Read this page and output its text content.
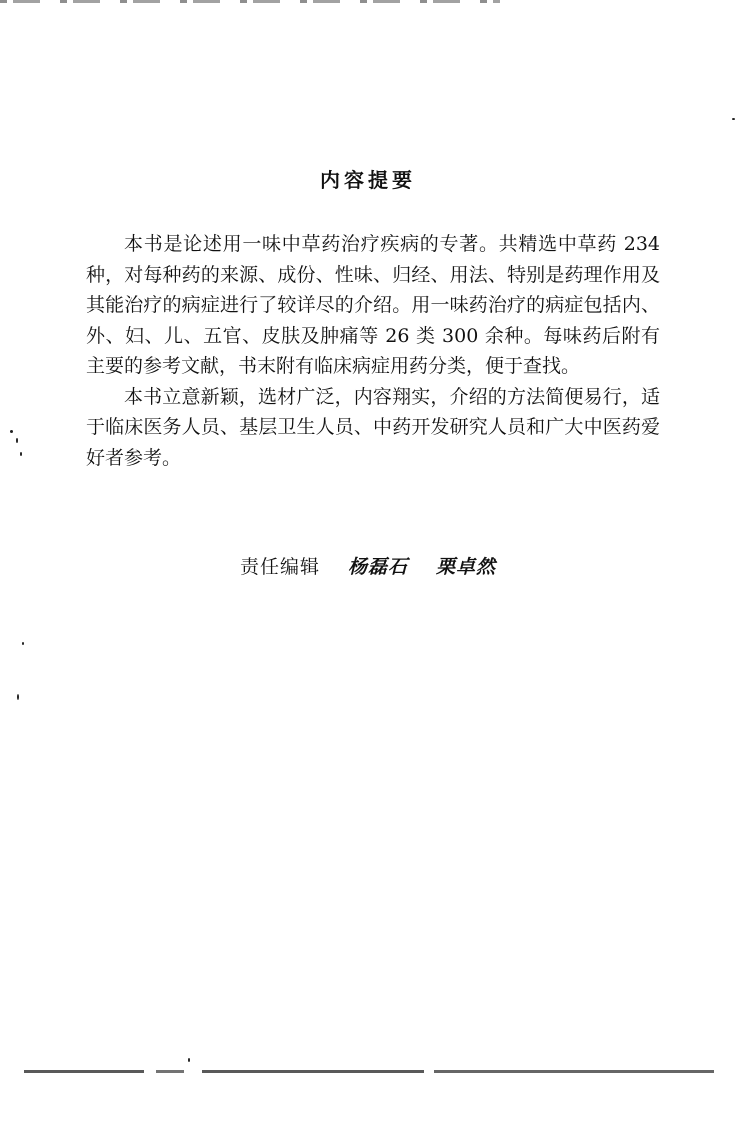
内容提要

本书是论述用一味中草药治疗疾病的专著。共精选中草药 234 种，对每种药的来源、成份、性味、归经、用法、特别是药理作用及其能治疗的病症进行了较详尽的介绍。用一味药治疗的病症包括内、外、妇、儿、五官、皮肤及肿痛等 26 类 300 余种。每味药后附有主要的参考文献，书末附有临床病症用药分类，便于查找。

本书立意新颖，选材广泛，内容翔实，介绍的方法简便易行，适于临床医务人员、基层卫生人员、中药开发研究人员和广大中医药爱好者参考。

责任编辑 杨磊石 栗卓然
